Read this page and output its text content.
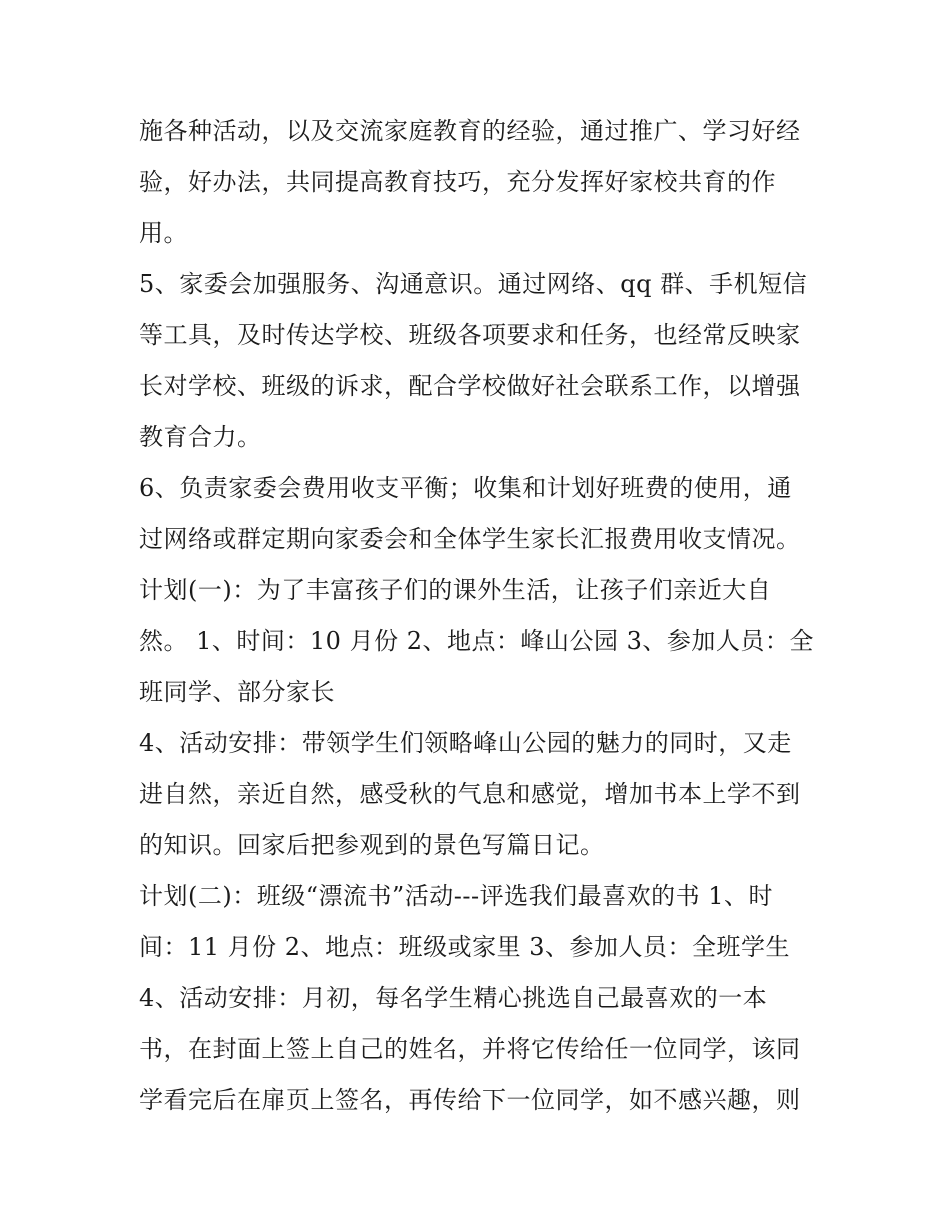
施各种活动，以及交流家庭教育的经验，通过推广、学习好经
验，好办法，共同提高教育技巧，充分发挥好家校共育的作
用。
5、家委会加强服务、沟通意识。通过网络、qq 群、手机短信
等工具，及时传达学校、班级各项要求和任务，也经常反映家
长对学校、班级的诉求，配合学校做好社会联系工作，以增强
教育合力。
6、负责家委会费用收支平衡；收集和计划好班费的使用，通
过网络或群定期向家委会和全体学生家长汇报费用收支情况。
计划(一)：为了丰富孩子们的课外生活，让孩子们亲近大自
然。 1、时间：10 月份 2、地点：峰山公园 3、参加人员：全
班同学、部分家长
4、活动安排：带领学生们领略峰山公园的魅力的同时，又走
进自然，亲近自然，感受秋的气息和感觉，增加书本上学不到
的知识。回家后把参观到的景色写篇日记。
计划(二)：班级“漂流书”活动---评选我们最喜欢的书 1、时
间：11 月份 2、地点：班级或家里 3、参加人员：全班学生
4、活动安排：月初，每名学生精心挑选自己最喜欢的一本
书，在封面上签上自己的姓名，并将它传给任一位同学，该同
学看完后在扉页上签名，再传给下一位同学，如不感兴趣，则
